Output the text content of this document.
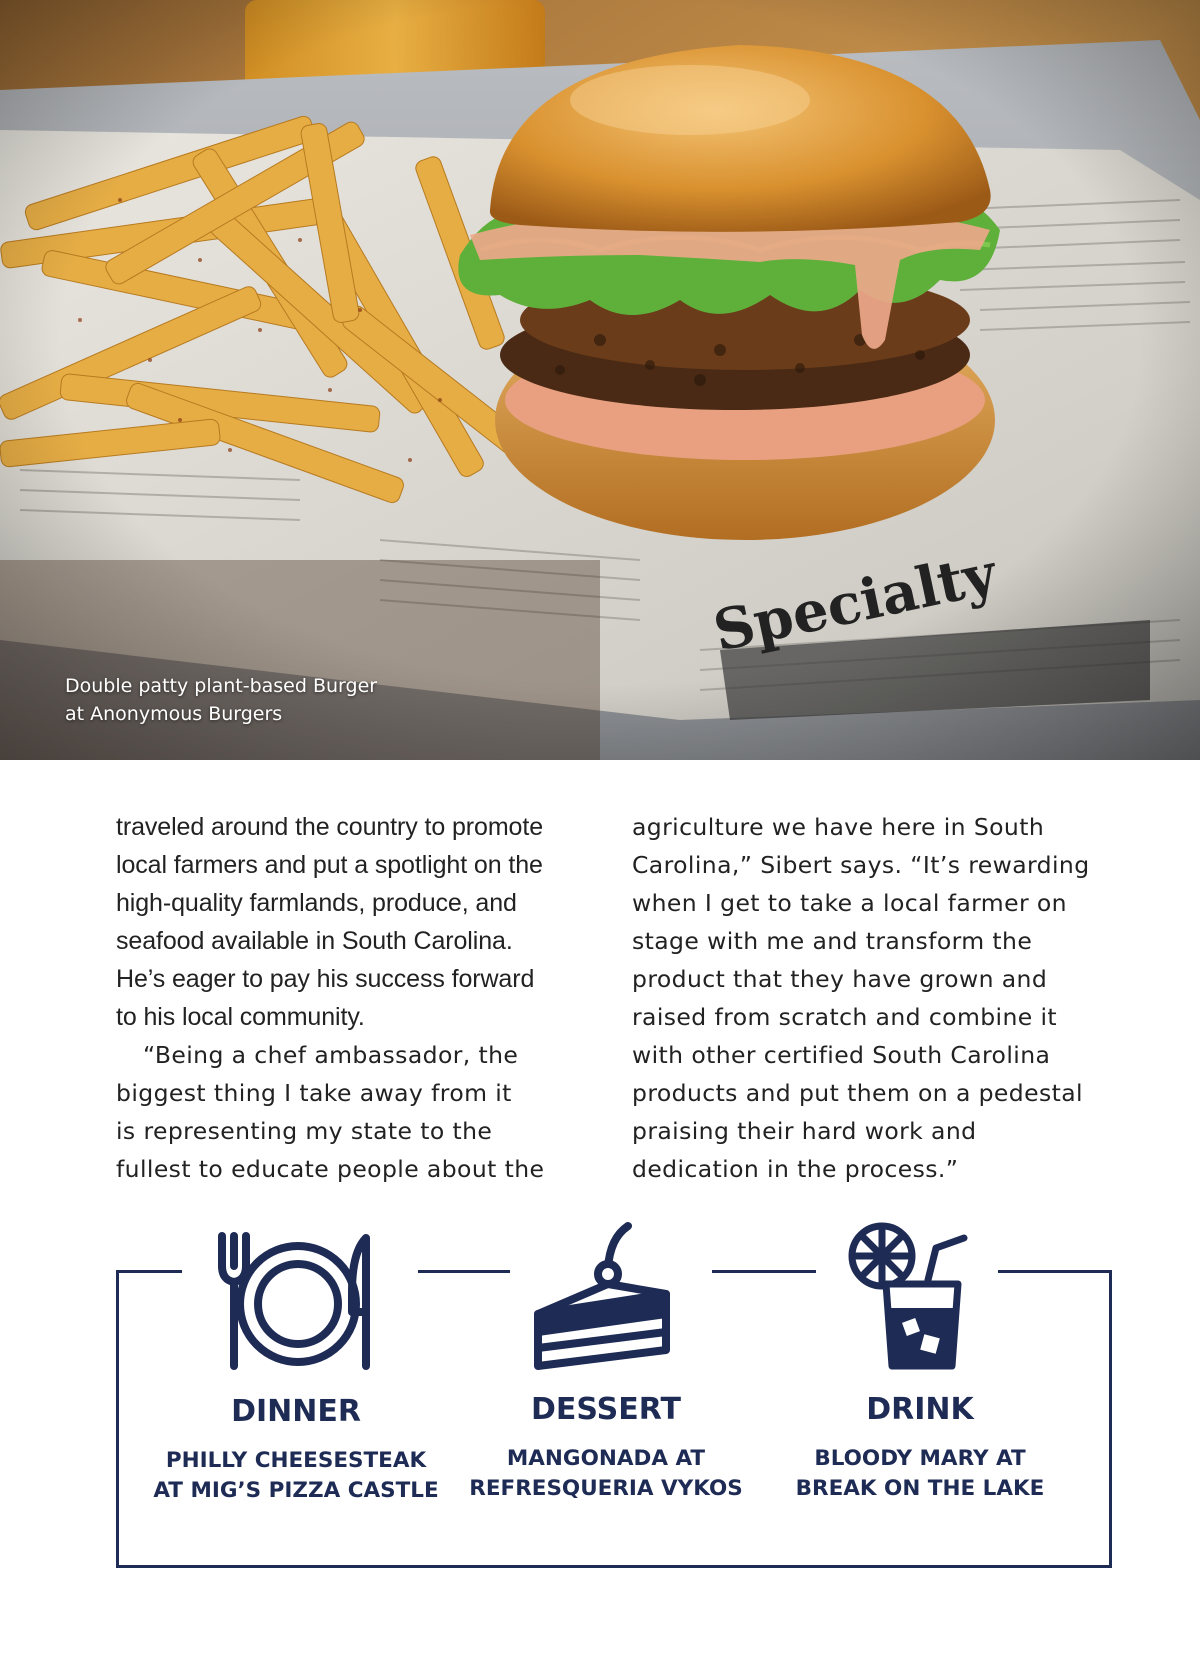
Double patty plant-based Burger
at Anonymous Burgers
traveled around the country to promote
local farmers and put a spotlight on the
high-quality farmlands, produce, and
seafood available in South Carolina.
He’s eager to pay his success forward
to his local community.
“Being a chef ambassador, the
biggest thing I take away from it
is representing my state to the
fullest to educate people about the
agriculture we have here in South
Carolina,” Sibert says. “It’s rewarding
when I get to take a local farmer on
stage with me and transform the
product that they have grown and
raised from scratch and combine it
with other certified South Carolina
products and put them on a pedestal
praising their hard work and
dedication in the process.”
DINNER
PHILLY CHEESESTEAK
AT MIG’S PIZZA CASTLE
DESSERT
MANGONADA AT
REFRESQUERIA VYKOS
DRINK
BLOODY MARY AT
BREAK ON THE LAKE
